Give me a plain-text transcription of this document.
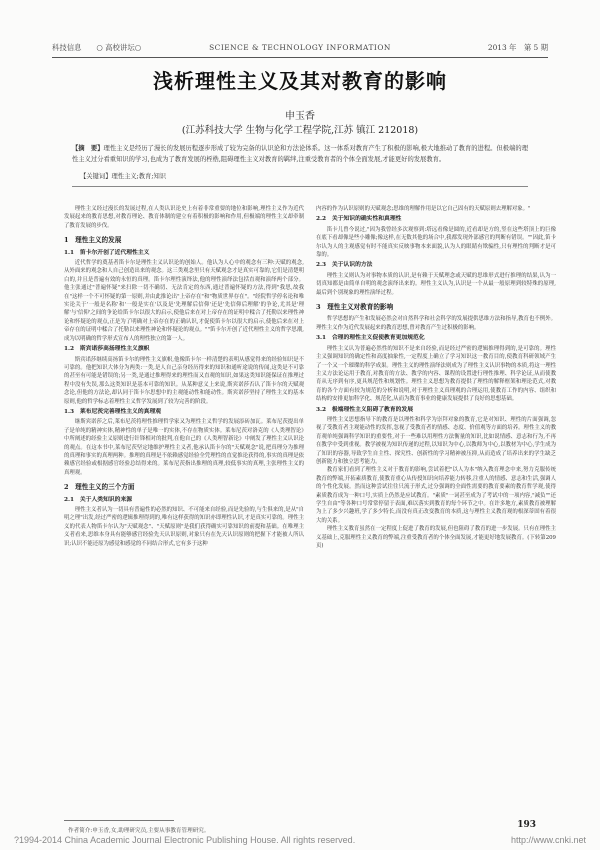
科技信息　　○ 高校讲坛○	SCIENCE & TECHNOLOGY INFORMATION	2013 年　第 5 期
浅析理性主义及其对教育的影响
申玉香
(江苏科技大学 生物与化学工程学院,江苏 镇江 212018)
【摘　要】理性主义是经历了漫长的发展历程逐步形成了较为完备的认识论和方法论体系。这一体系对教育产生了积极的影响,极大地推动了教育的进程。但极端的理性主义过分看重知识的学习,也成为了教育发展的桎梏,阻碍理性主义对教育的羁绊,注重受教育者的个体全面发展,才能更好的发展教育。
【关键词】理性主义;教育;知识

理性主义经过漫长的发展过程,在人类认识论史上有着非常重要的地位和影响,理性主义作为近代发展起来的教育思想,对教育理论、教育体制的建立有着积极的影响和作用,但极端的理性主义却牵制了教育发展的步伐。

1　理性主义的发展
1.1　笛卡尔开创了近代理性主义

近代哲学的奠基者笛卡尔是理性主义认识论的创始人。他认为人心中的观念有三种:天赋的观念,从外面来的观念和人自己创造出来的观念。这三类观念里只有天赋观念才是真实可靠的,它们是清楚明白的,并且是普遍有效的永恒的真理。笛卡尔理性演绎法,他的理性演绎法包括直观和演绎两个部分。他主张通过"普遍怀疑"来扫除一切不确切、无法肯定的东西,通过普遍怀疑的方法,得到"我思,故我在"这样一个不可怀疑的第一原则,并由此推论出"上帝存在"和"物质世界存在"。"经院哲学停名论和唯实论关于'一般是名称'和'一般是实在'以及是'先理解后信仰'还是'先信仰后理解'的争论,尤其是'理解'与'信仰'之间的争论给笛卡尔以很大的启示,使他后来在对上帝存在的证明中糅合了托勒以来理性神论和怀疑论的观点,正是为了明确对上帝存在的正确认识,才促使笛卡尔以很大的启示,使他后来在对上帝存在的证明中糅合了托勒以来理性神论和怀疑论的观点。""笛卡尔开创了近代理性主义的哲学思潮,成为以明确的哲学形式宣布人的理性独立的第一人。

1.2　斯宾诺莎高扬理性主义旗帜

斯宾诺莎继续高扬笛卡尔的理性主义旗帜,他像笛卡尔一样清楚的表明从感觉得来的经验知识是不可靠的。他把知识大体分为两类:一类,是人自己亲身经历得来的知识和通听途说的传闻,这类是不可靠的甚至有可能是错误的;另一类,是通过推理得来的理性而又直观的知识,如果这类知识能保证在推理过程中没有失误,那么这类知识是基本可靠的知识。从某种意义上来说,斯宾诺莎否认了笛卡尔的天赋观念论,但他的方法论,却认同于笛卡尔思想中的主观能动性和能动性。斯宾诺莎坚持了理性主义的基本原则,他的哲学标志着理性主义哲学发展到了较为完善的阶段。

1.3　莱布尼茨完善理性主义的真理观

继斯宾诺莎之后,莱布尼茨将理性推理哲学家又为理性主义哲学的发展添砖加瓦。莱布尼茨提出单子是单纯的精神实体,精神性的单子是唯一的实体,不存在物质实体。莱布尼茨对洛克的《人类理智论》中所阐述的经验主义原则进行针锋相对的批判,在他自己的《人类理智新论》中阐发了理性主义认识论的观点。在这本书中,莱布尼茨坚定地维护理性主义者,他承认笛卡尔的"天赋观念"说,把真理分为推理的真理和事实的真理两种。推理的真理是不依赖感觉经验全凭理性的直觉推论获得的,事实的真理是依赖感官经验或根据感官经验总结得来的。莱布尼茨指出推理的真理,较低事实的真理,主张理性主义的真理观。

2　理性主义的三个方面
2.1　关于人类知识的来源

理性主义者认为一切具有普遍性的必然的知识、不可能来自经验,而是先验的,与生俱来的,是从"自明之理"出发,经过严密的逻辑推理得到的,唯有这样获得的知识亦即理性认识,才是真实可靠的。理性主义的代表人物笛卡尔认为"天赋观念"、"天赋原则"是我们获得确实可靠知识的前提和基础。在唯理主义者看来,思维本身具有能够感官经验先天认识原则,对象只有在先天认识原则的把握下才能被人所认识;认识不能还原为感觉和感觉的不同结合形式,它有多于这种

内容的作为认识原则的天赋观念;思维的理解作用是以它自己固有的天赋原则去理解对象。"

2.2　关于知识的确实性和真理性

笛卡儿曾今说过,"因为我曾经多次观察到:塔远看像是圆的,近看却是方的,竖在这些塔顶上的巨像在底下看却像是些小雕像;像这样,在无数其他的场合中,我都发现外部感官的判断有错误。""因此,笛卡尔认为人的主观感觉有时不能真实反映事物本来面貌,认为人的眼睛有欺骗性,只有理性的判断才是可靠的。

2.3　关于认识的方法

理性主义则认为对事物本质的认识,是有赖于天赋理念或天赋的思维形式进行推理的结果,认为一切真知都是由简单自明的观念演绎出来的。理性主义认为,认识是一个从最一般原理到较特殊的原理,最后到个别现象的理性演绎过程。

3　理性主义对教育的影响

哲学思想的产生和发展必然会对自然科学和社会科学的发展提供思维方法和指导,教育也不例外。理性主义作为近代发展起来的教育思想,曾对教育产生过积极的影响。

3.1　合理的理性主义促使教育更加规范化

理性主义认为普遍必然性的知识不是来自经验,而是经过严密的逻辑推理得到的,是可靠的。理性主义强调知识的确定性和高度抽象性,一定程度上确立了学习知识这一教育目的,使教育科研领域产生了一个又一个璀璨的科学成果。理性主义的理性演绎法则成为了理性主义认识事物的本质,将这一理性主义方法论运用于教育,对教育的方法、教学的内容、课程的设置进行理性推理、科学论证,从而使教育从无序到有序,更具规范性和规划性。理性主义思想为教育提供了理性的解释框架和理论范式,对教育的各个方面有较为规范的分析和说明,对于理性主义真理观的合理运用,使教育工作的内容、组织和结构的安排更加科学化、规范化,从而为教育事业的健康发展提供了良好的思想基础。

3.2　极端理性主义阻碍了教育的发展

理性主义思想指导下的教育是以理性和科学为崇拜对象的教育,它是对知识、理性的片面强调,忽视了受教育者主观能动性的发挥,忽视了受教育者的情感、态度、价值观等方面的培养。理性主义的教育观单纯强调科学知识的重要性,对于一些难以用理性方法衡量的知识,比如说情感、意志和行为,不再在教学中受到重视。教学被视为知识传递的过程,以知识为中心,以教师为中心,以教材为中心,学生成为了知识的容器,导致学生自主性、探究性、创新性的学习精神被压抑,从而造成了培养出来的学生缺乏创新能力和独立思考能力。

教育家们看到了理性主义对于教育的影响,尝试着把"以人为本"纳入教育理念中来,努力克服传统教育的弊端,开拓素质教育,使教育重心从传授知识向培养能力转移,注重人的情感、意志和生活,强调人的个性化发展。然而这种尝试往往只流于形式,过分强调的全面性需要的教育要素的教育哲学观,使得素质教育成为一种口号,实质上仍然是应试教育。"素质"一词甚至成为了考试中的一项内容,"减负""还学生自由"等各种口号常常停留于表面,难以落实到教育的每个环节之中。在许多地方,素质教育被理解为上了多少兴趣班,学了多少特长,而没有真正改变教育的本质,这与理性主义教育观的根深蒂固有着很大的关系。

理性主义教育虽然在一定程度上促进了教育的发展,但也阻碍了教育的进一步发展。只有在理性主义基础上,克服理性主义教育的弊端,注重受教育者的个体全面发展,才能更好地发展教育。(下转第209页)

作者简介:申玉香,女,助理研究员,主要从事教育管理研究。
193
?1994-2014 China Academic Journal Electronic Publishing House. All rights reserved.	http://www.cnki.net
